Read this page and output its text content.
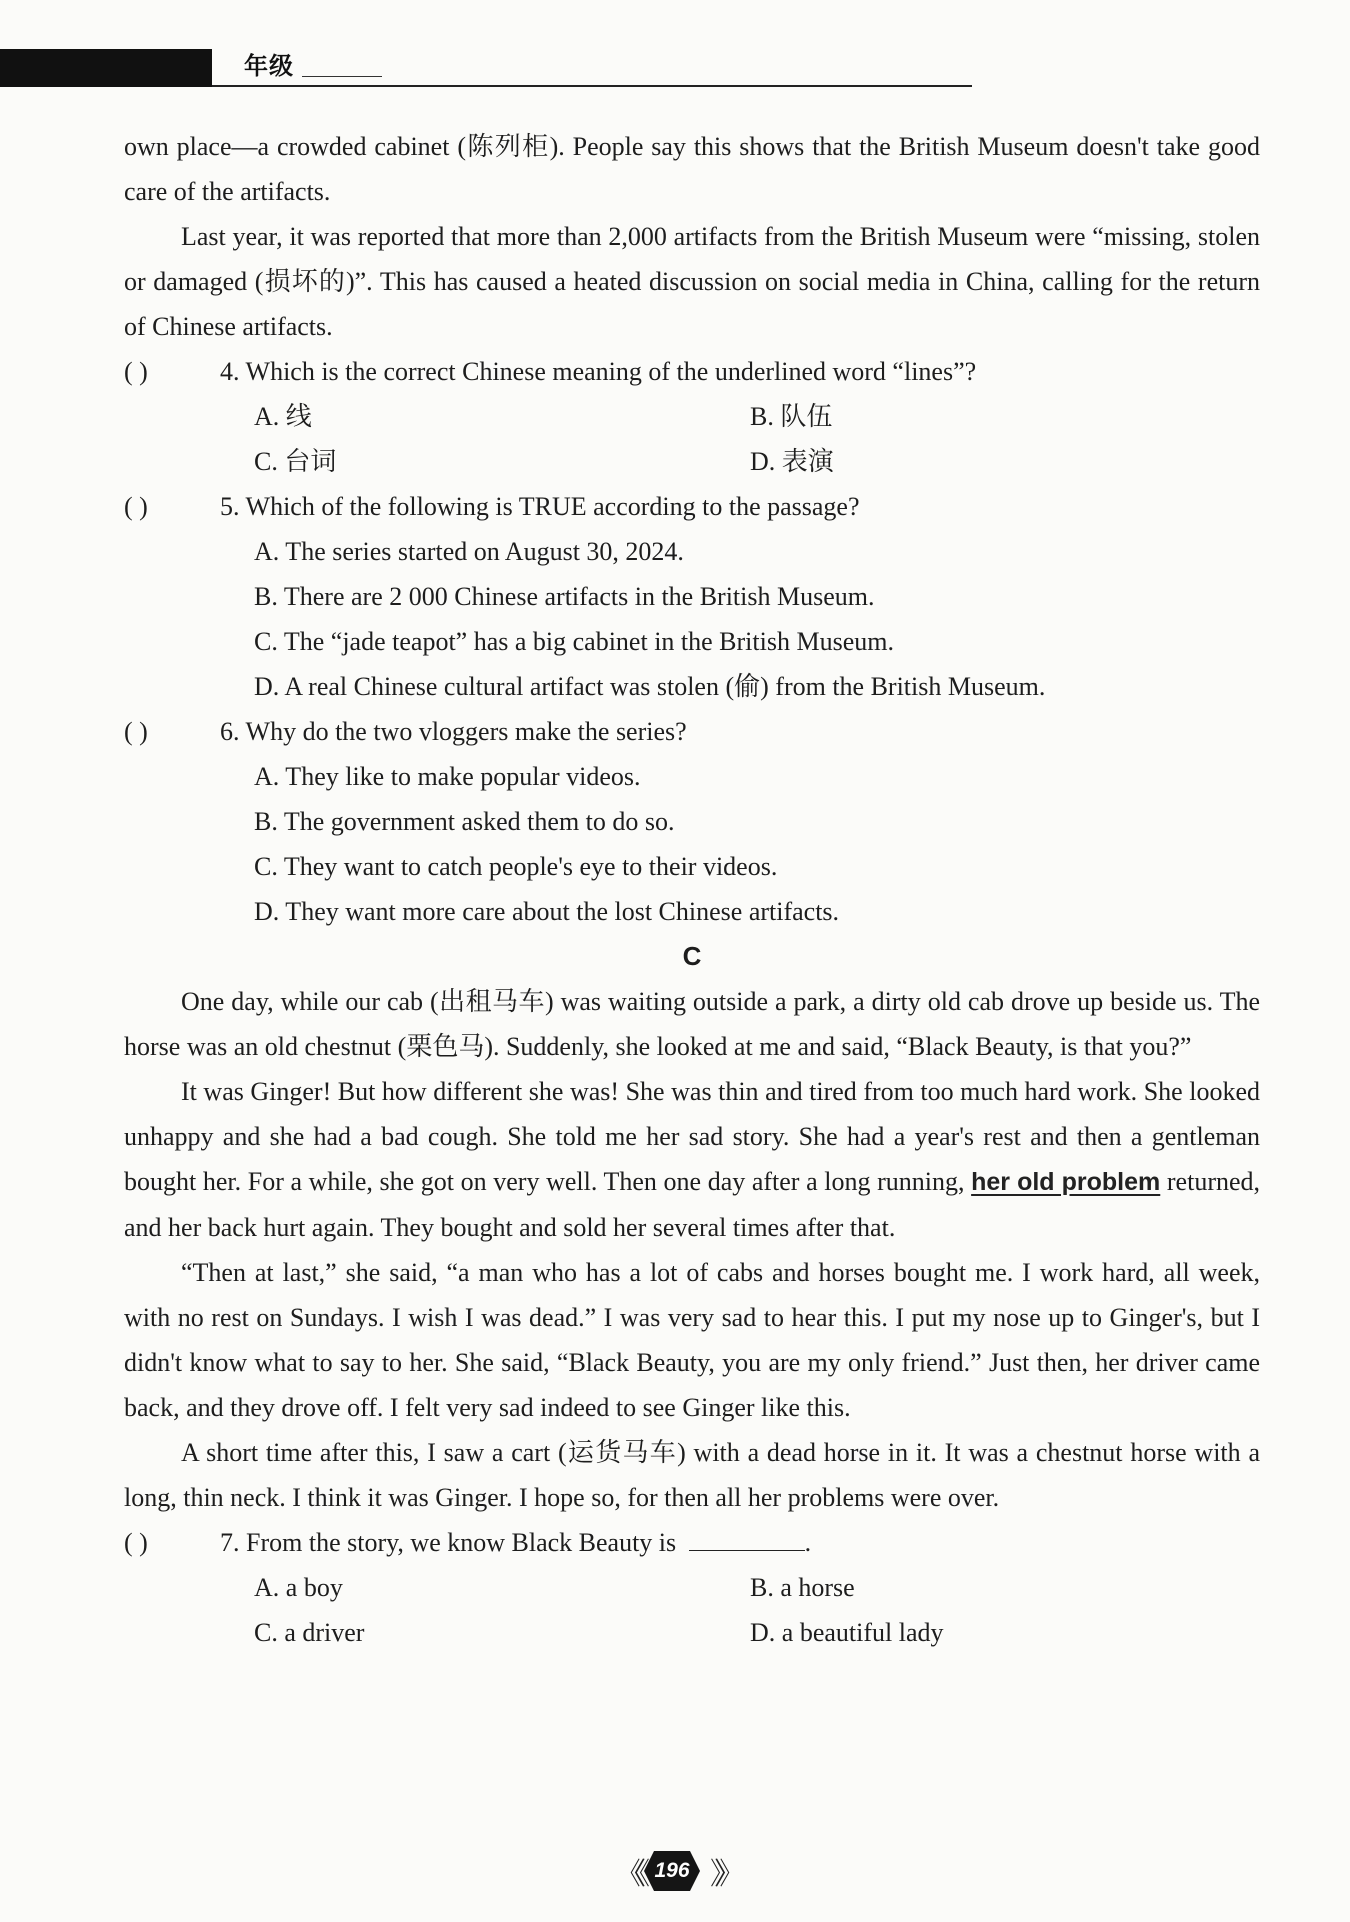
年级

own place—a crowded cabinet (陈列柜). People say this shows that the British Museum doesn't take good care of the artifacts.

Last year, it was reported that more than 2,000 artifacts from the British Museum were “missing, stolen or damaged (损坏的)”. This has caused a heated discussion on social media in China, calling for the return of Chinese artifacts.

( )	4. Which is the correct Chinese meaning of the underlined word “lines”?
A. 线	B. 队伍
C. 台词	D. 表演
( )	5. Which of the following is TRUE according to the passage?

A. The series started on August 30, 2024.

B. There are 2 000 Chinese artifacts in the British Museum.

C. The “jade teapot” has a big cabinet in the British Museum.

D. A real Chinese cultural artifact was stolen (偷) from the British Museum.

( )	6. Why do the two vloggers make the series?

A. They like to make popular videos.

B. The government asked them to do so.

C. They want to catch people's eye to their videos.

D. They want more care about the lost Chinese artifacts.

C

One day, while our cab (出租马车) was waiting outside a park, a dirty old cab drove up beside us. The horse was an old chestnut (栗色马). Suddenly, she looked at me and said, “Black Beauty, is that you?”

It was Ginger! But how different she was! She was thin and tired from too much hard work. She looked unhappy and she had a bad cough. She told me her sad story. She had a year's rest and then a gentleman bought her. For a while, she got on very well. Then one day after a long running, her old problem returned, and her back hurt again. They bought and sold her several times after that.

“Then at last,” she said, “a man who has a lot of cabs and horses bought me. I work hard, all week, with no rest on Sundays. I wish I was dead.” I was very sad to hear this. I put my nose up to Ginger's, but I didn't know what to say to her. She said, “Black Beauty, you are my only friend.” Just then, her driver came back, and they drove off. I felt very sad indeed to see Ginger like this.

A short time after this, I saw a cart (运货马车) with a dead horse in it. It was a chestnut horse with a long, thin neck. I think it was Ginger. I hope so, for then all her problems were over.

( )	7. From the story, we know Black Beauty is	.
A. a boy	B. a horse
C. a driver	D. a beautiful lady
《《 196 》》
